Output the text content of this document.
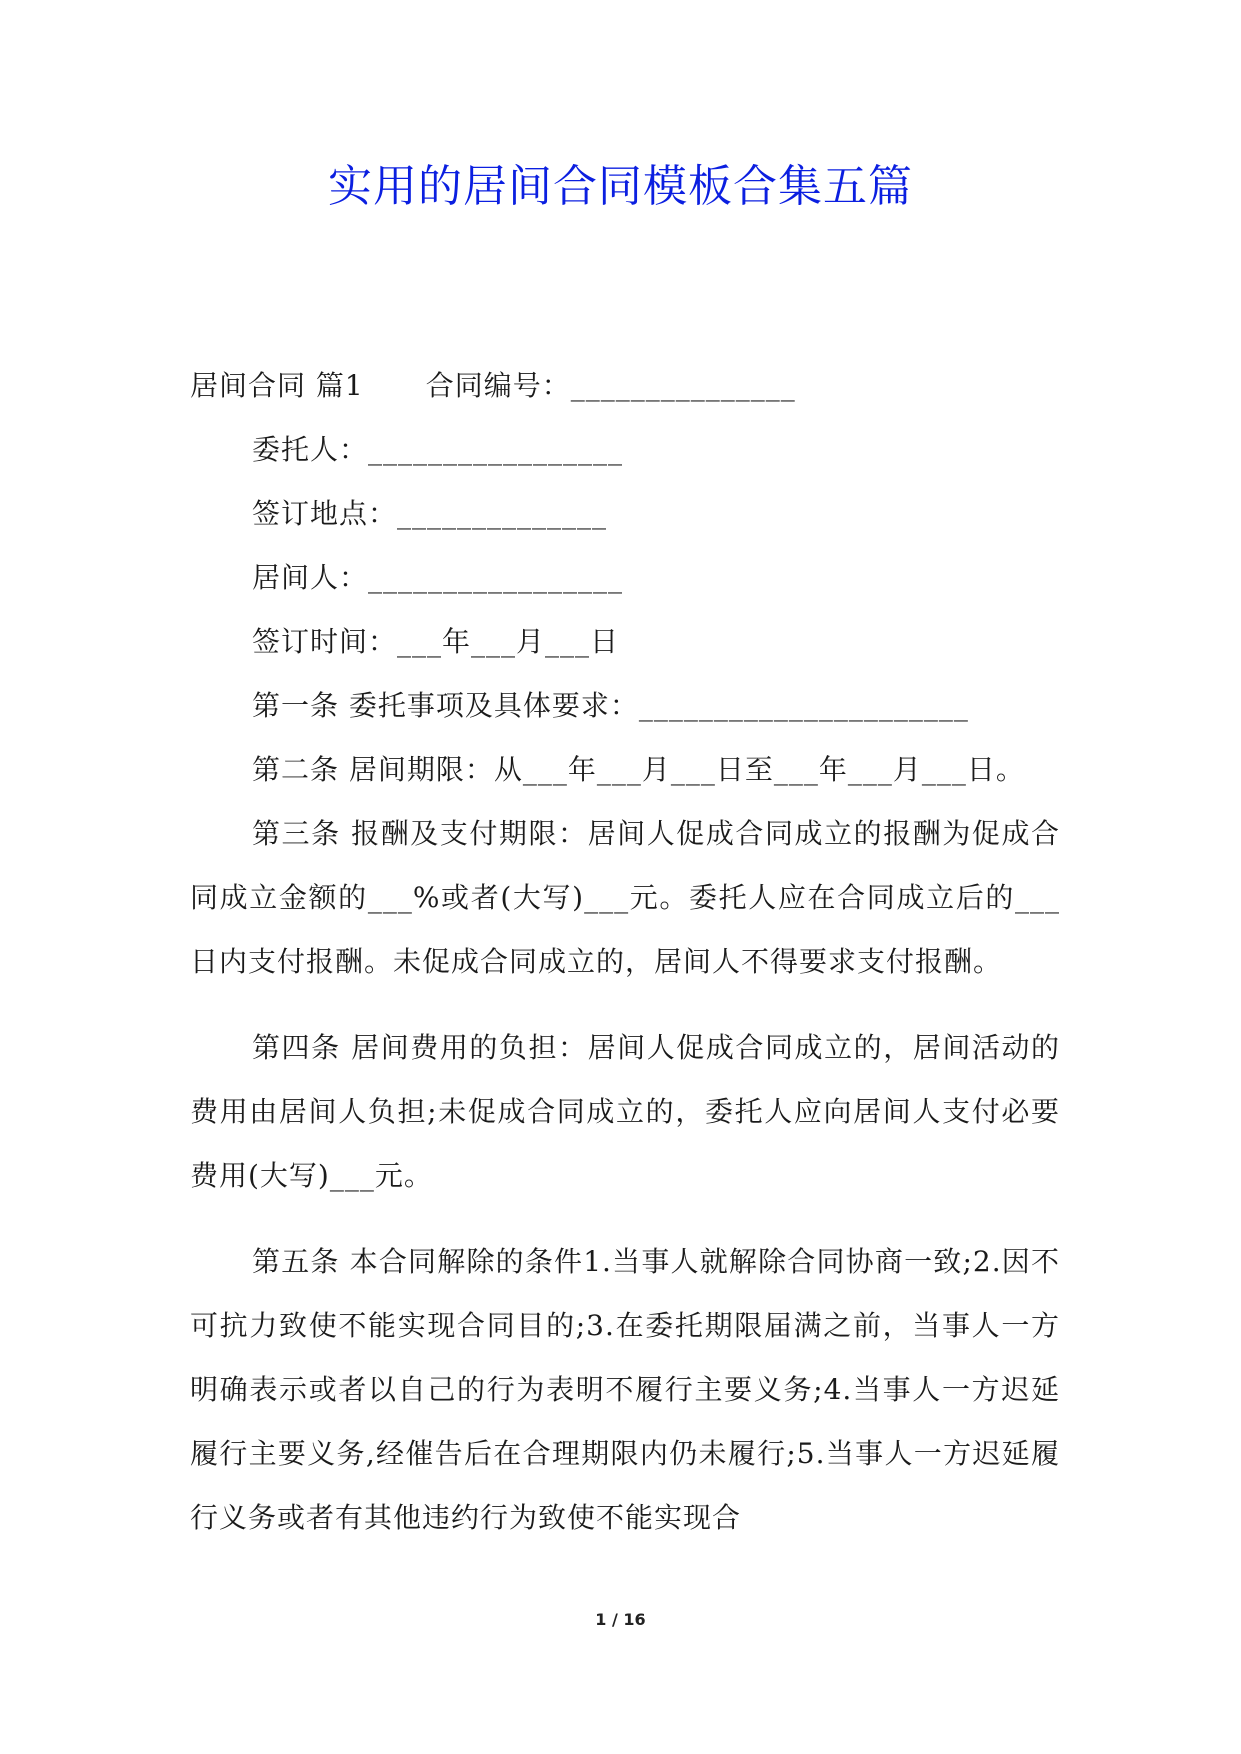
实用的居间合同模板合集五篇
居间合同 篇1 合同编号：_______________
委托人：_________________
签订地点：______________
居间人：_________________
签订时间：___年___月___日
第一条 委托事项及具体要求：______________________
第二条 居间期限：从___年___月___日至___年___月___日。

第三条 报酬及支付期限：居间人促成合同成立的报酬为促成合同成立金额的___%或者(大写)___元。委托人应在合同成立后的___日内支付报酬。未促成合同成立的，居间人不得要求支付报酬。

第四条 居间费用的负担：居间人促成合同成立的，居间活动的费用由居间人负担;未促成合同成立的，委托人应向居间人支付必要费用(大写)___元。

第五条 本合同解除的条件1.当事人就解除合同协商一致;2.因不可抗力致使不能实现合同目的;3.在委托期限届满之前，当事人一方明确表示或者以自己的行为表明不履行主要义务;4.当事人一方迟延履行主要义务,经催告后在合理期限内仍未履行;5.当事人一方迟延履行义务或者有其他违约行为致使不能实现合

1 / 16
